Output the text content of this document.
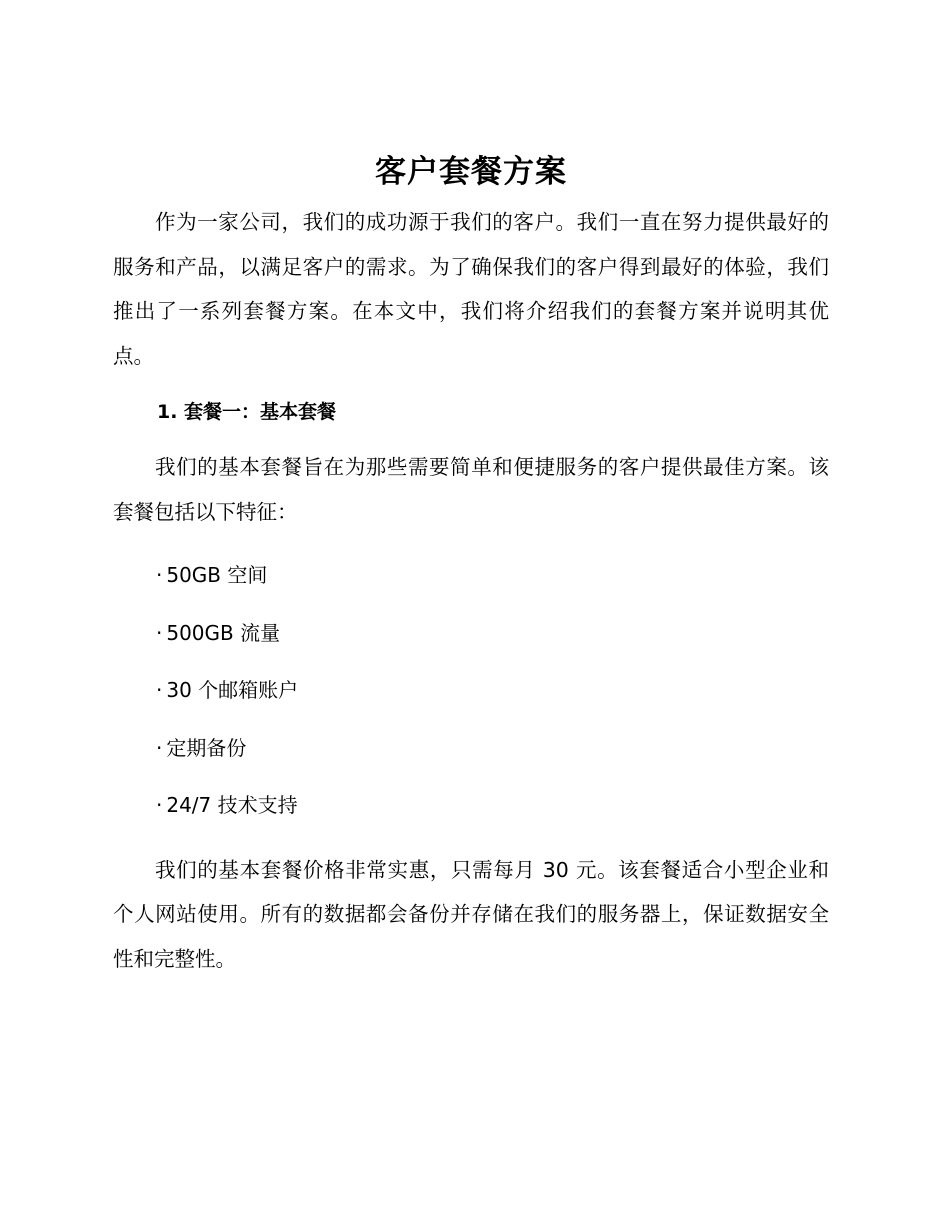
客户套餐方案

作为一家公司，我们的成功源于我们的客户。我们一直在努力提供最好的服务和产品，以满足客户的需求。为了确保我们的客户得到最好的体验，我们推出了一系列套餐方案。在本文中，我们将介绍我们的套餐方案并说明其优点。

1. 套餐一：基本套餐

我们的基本套餐旨在为那些需要简单和便捷服务的客户提供最佳方案。该套餐包括以下特征：

· 50GB 空间
· 500GB 流量
· 30 个邮箱账户
· 定期备份
· 24/7 技术支持

我们的基本套餐价格非常实惠，只需每月 30 元。该套餐适合小型企业和个人网站使用。所有的数据都会备份并存储在我们的服务器上，保证数据安全性和完整性。
